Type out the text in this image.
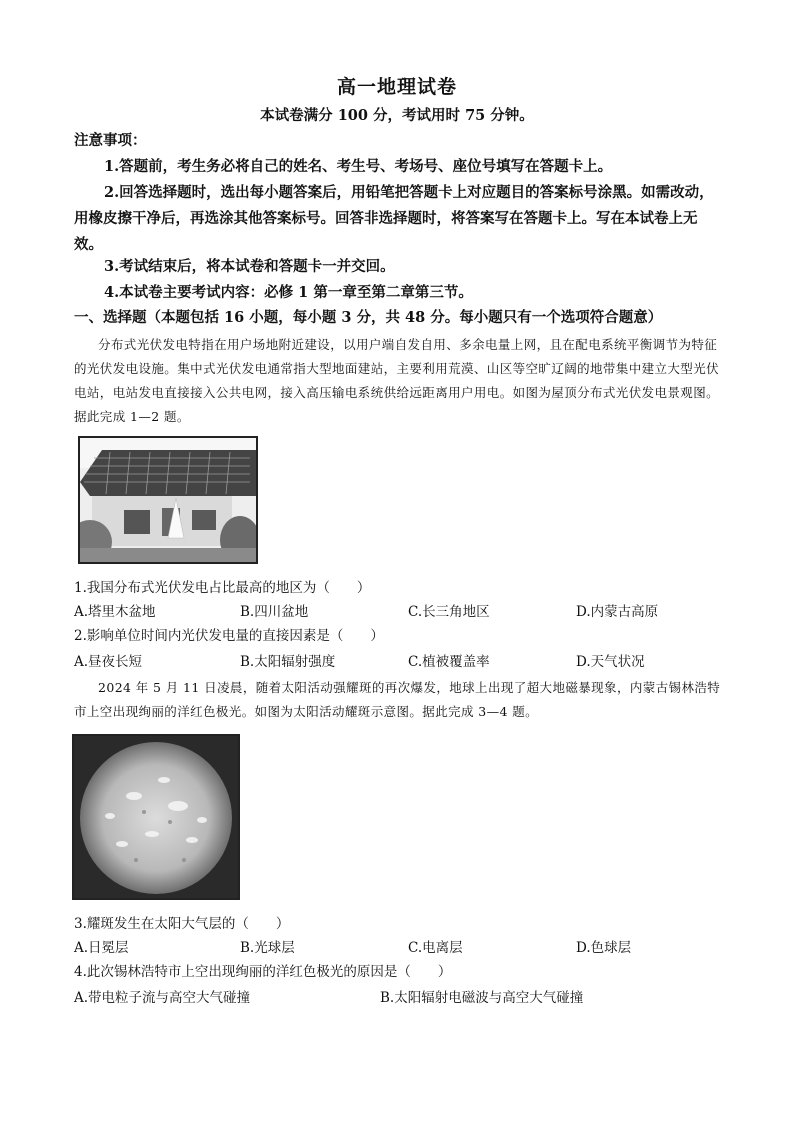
高一地理试卷
本试卷满分 100 分，考试用时 75 分钟。
注意事项：
1.答题前，考生务必将自己的姓名、考生号、考场号、座位号填写在答题卡上。
2.回答选择题时，选出每小题答案后，用铅笔把答题卡上对应题目的答案标号涂黑。如需改动，用橡皮擦干净后，再选涂其他答案标号。回答非选择题时，将答案写在答题卡上。写在本试卷上无效。
3.考试结束后，将本试卷和答题卡一并交回。
4.本试卷主要考试内容：必修 1 第一章至第二章第三节。
一、选择题（本题包括 16 小题，每小题 3 分，共 48 分。每小题只有一个选项符合题意）
分布式光伏发电特指在用户场地附近建设，以用户端自发自用、多余电量上网，且在配电系统平衡调节为特征的光伏发电设施。集中式光伏发电通常指大型地面建站，主要利用荒漠、山区等空旷辽阔的地带集中建立大型光伏电站，电站发电直接接入公共电网，接入高压输电系统供给远距离用户用电。如图为屋顶分布式光伏发电景观图。据此完成 1—2 题。
1.我国分布式光伏发电占比最高的地区为（　　）
A.塔里木盆地	B.四川盆地	C.长三角地区	D.内蒙古高原
2.影响单位时间内光伏发电量的直接因素是（　　）
A.昼夜长短	B.太阳辐射强度	C.植被覆盖率	D.天气状况
2024 年 5 月 11 日凌晨，随着太阳活动强耀斑的再次爆发，地球上出现了超大地磁暴现象，内蒙古锡林浩特市上空出现绚丽的洋红色极光。如图为太阳活动耀斑示意图。据此完成 3—4 题。
3.耀斑发生在太阳大气层的（　　）
A.日冕层	B.光球层	C.电离层	D.色球层
4.此次锡林浩特市上空出现绚丽的洋红色极光的原因是（　　）
A.带电粒子流与高空大气碰撞	B.太阳辐射电磁波与高空大气碰撞
